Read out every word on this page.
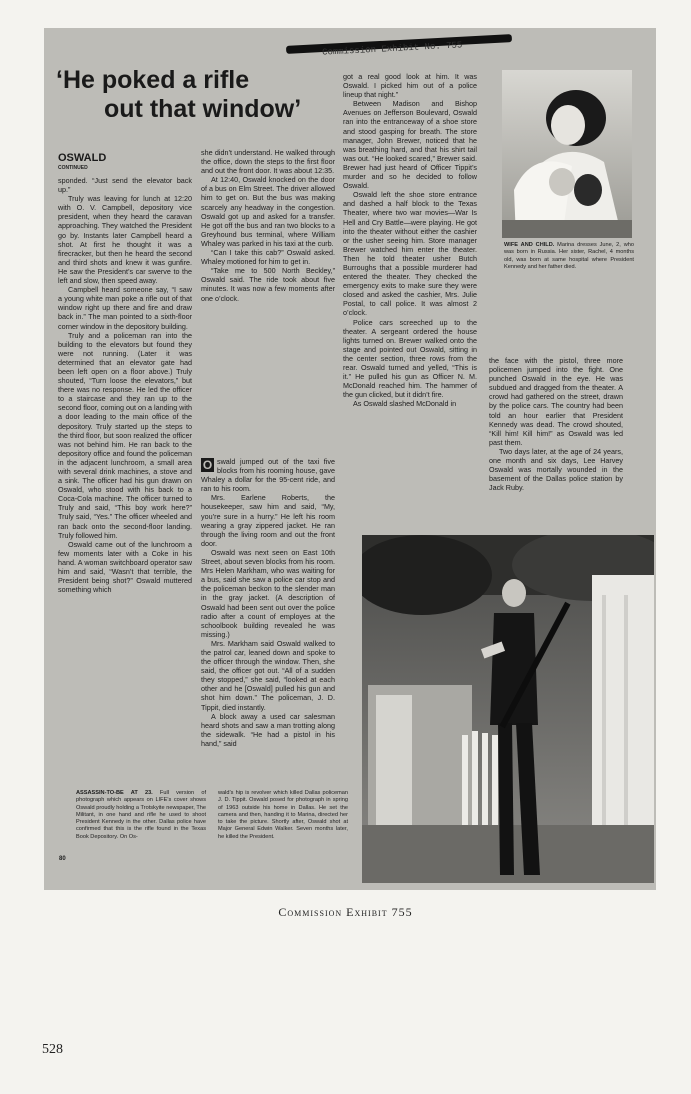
Commission Exhibit No. 755
‘He poked a rifle
out that window’
OSWALD
CONTINUED

sponded. “Just send the elevator back up.”

Truly was leaving for lunch at 12:20 with O. V. Campbell, depository vice president, when they heard the caravan approaching. They watched the President go by. Instants later Campbell heard a shot. At first he thought it was a firecracker, but then he heard the second and third shots and knew it was gunfire. He saw the President’s car swerve to the left and slow, then speed away.

Campbell heard someone say, “I saw a young white man poke a rifle out of that window right up there and fire and draw back in.” The man pointed to a sixth-floor corner window in the depository building.

Truly and a policeman ran into the building to the elevators but found they were not running. (Later it was determined that an elevator gate had been left open on a floor above.) Truly shouted, “Turn loose the elevators,” but there was no response. He led the officer to a staircase and they ran up to the second floor, coming out on a landing with a door leading to the main office of the depository. Truly started up the steps to the third floor, but soon realized the officer was not behind him. He ran back to the depository office and found the policeman in the adjacent lunchroom, a small area with several drink machines, a stove and a sink. The officer had his gun drawn on Oswald, who stood with his back to a Coca-Cola machine. The officer turned to Truly and said, “This boy work here?” Truly said, “Yes.” The officer wheeled and ran back onto the second-floor landing. Truly followed him.

Oswald came out of the lunchroom a few moments later with a Coke in his hand. A woman switchboard operator saw him and said, “Wasn’t that terrible, the President being shot?” Oswald muttered something which

she didn’t understand. He walked through the office, down the steps to the first floor and out the front door. It was about 12:35.

At 12:40, Oswald knocked on the door of a bus on Elm Street. The driver allowed him to get on. But the bus was making scarcely any headway in the congestion. Oswald got up and asked for a transfer. He got off the bus and ran two blocks to a Greyhound bus terminal, where William Whaley was parked in his taxi at the curb.

“Can I take this cab?” Oswald asked. Whaley motioned for him to get in.

“Take me to 500 North Beckley,” Oswald said. The ride took about five minutes. It was now a few moments after one o’clock.

O swald jumped out of the taxi five blocks from his rooming house, gave Whaley a dollar for the 95-cent ride, and ran to his room.

Mrs. Earlene Roberts, the housekeeper, saw him and said, “My, you’re sure in a hurry.” He left his room wearing a gray zippered jacket. He ran through the living room and out the front door.

Oswald was next seen on East 10th Street, about seven blocks from his room. Mrs Helen Markham, who was waiting for a bus, said she saw a police car stop and the policeman beckon to the slender man in the gray jacket. (A description of Oswald had been sent out over the police radio after a count of employes at the schoolbook building revealed he was missing.)

Mrs. Markham said Oswald walked to the patrol car, leaned down and spoke to the officer through the window. Then, she said, the officer got out. “All of a sudden they stopped,” she said, “looked at each other and he [Oswald] pulled his gun and shot him down.” The policeman, J. D. Tippit, died instantly.

A block away a used car salesman heard shots and saw a man trotting along the sidewalk. “He had a pistol in his hand,” said

got a real good look at him. It was Oswald. I picked him out of a police lineup that night.”

Between Madison and Bishop Avenues on Jefferson Boulevard, Oswald ran into the entranceway of a shoe store and stood gasping for breath. The store manager, John Brewer, noticed that he was breathing hard, and that his shirt tail was out. “He looked scared,” Brewer said. Brewer had just heard of Officer Tippit’s murder and so he decided to follow Oswald.

Oswald left the shoe store entrance and dashed a half block to the Texas Theater, where two war movies—War Is Hell and Cry Battle—were playing. He got into the theater without either the cashier or the usher seeing him. Store manager Brewer watched him enter the theater. Then he told theater usher Butch Burroughs that a possible murderer had entered the theater. They checked the emergency exits to make sure they were closed and asked the cashier, Mrs. Julie Postal, to call police. It was almost 2 o’clock.

Police cars screeched up to the theater. A sergeant ordered the house lights turned on. Brewer walked onto the stage and pointed out Oswald, sitting in the center section, three rows from the rear. Oswald turned and yelled, “This is it.” He pulled his gun as Officer N. M. McDonald reached him. The hammer of the gun clicked, but it didn’t fire.

As Oswald slashed McDonald in

the face with the pistol, three more policemen jumped into the fight. One punched Oswald in the eye. He was subdued and dragged from the theater. A crowd had gathered on the street, drawn by the police cars. The country had been told an hour earlier that President Kennedy was dead. The crowd shouted, “Kill him! Kill him!” as Oswald was led past them.

Two days later, at the age of 24 years, one month and six days, Lee Harvey Oswald was mortally wounded in the basement of the Dallas police station by Jack Ruby.

WIFE AND CHILD. Marina dresses June, 2, who was born in Russia. Her sister, Rachel, 4 months old, was born at same hospital where President Kennedy and her father died.
ASSASSIN-TO-BE AT 23. Full version of photograph which appears on LIFE’s cover shows Oswald proudly holding a Trotskyite newspaper, The Militant, in one hand and rifle he used to shoot President Kennedy in the other. Dallas police have confirmed that this is the rifle found in the Texas Book Depository. On Os-
wald’s hip is revolver which killed Dallas policeman J. D. Tippit. Oswald posed for photograph in spring of 1963 outside his home in Dallas. He set the camera and then, handing it to Marina, directed her to take the picture. Shortly after, Oswald shot at Major General Edwin Walker. Seven months later, he killed the President.
80
Commission Exhibit 755
528
